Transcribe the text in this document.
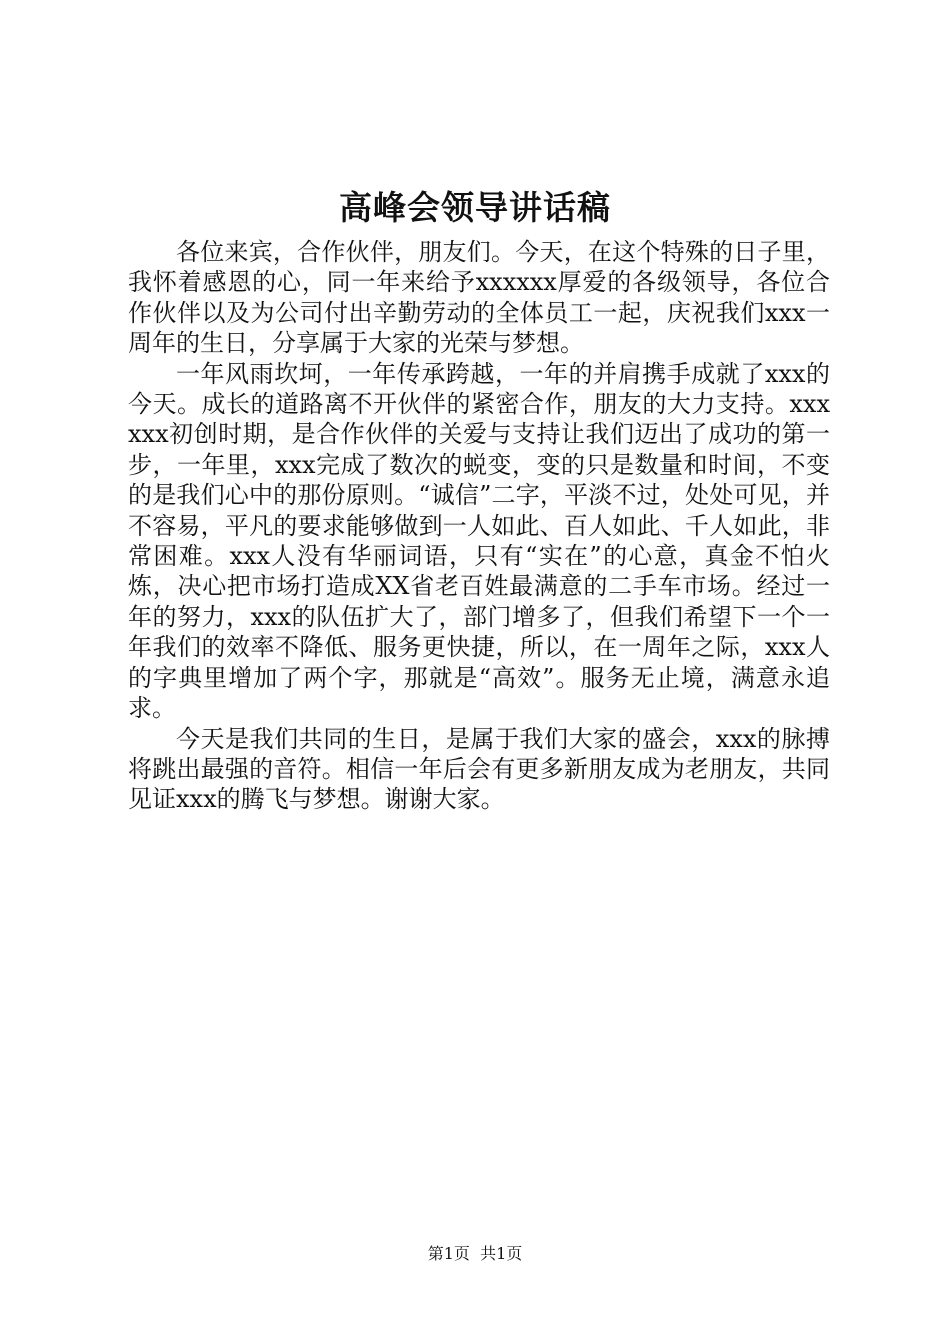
高峰会领导讲话稿

各位来宾，合作伙伴，朋友们。今天，在这个特殊的日子里，我怀着感恩的心，同一年来给予xxxxxx厚爱的各级领导，各位合作伙伴以及为公司付出辛勤劳动的全体员工一起，庆祝我们xxx一周年的生日，分享属于大家的光荣与梦想。

一年风雨坎坷，一年传承跨越，一年的并肩携手成就了xxx的今天。成长的道路离不开伙伴的紧密合作，朋友的大力支持。xxxxxx初创时期，是合作伙伴的关爱与支持让我们迈出了成功的第一步，一年里，xxx完成了数次的蜕变，变的只是数量和时间，不变的是我们心中的那份原则。“诚信”二字，平淡不过，处处可见，并不容易，平凡的要求能够做到一人如此、百人如此、千人如此，非常困难。xxx人没有华丽词语，只有“实在”的心意，真金不怕火炼，决心把市场打造成XX省老百姓最满意的二手车市场。经过一年的努力，xxx的队伍扩大了，部门增多了，但我们希望下一个一年我们的效率不降低、服务更快捷，所以，在一周年之际，xxx人的字典里增加了两个字，那就是“高效”。服务无止境，满意永追求。

今天是我们共同的生日，是属于我们大家的盛会，xxx的脉搏将跳出最强的音符。相信一年后会有更多新朋友成为老朋友，共同见证xxx的腾飞与梦想。谢谢大家。

第1页 共1页
